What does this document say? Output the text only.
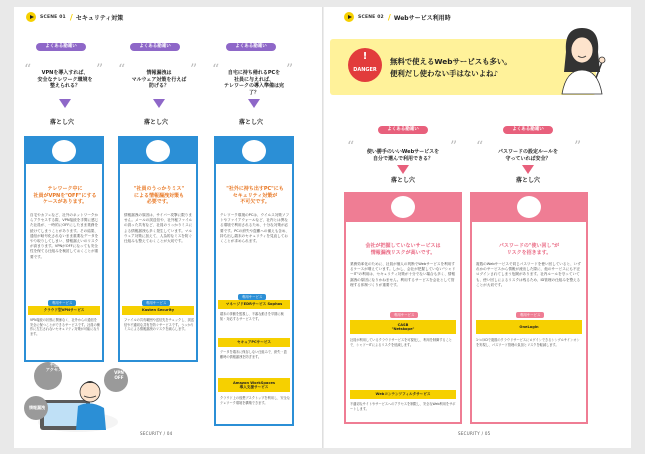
SCENE 01 / セキュリティ対策
よくある勘違い
“	”
VPNを導入すれば、
安全なテレワーク環境を
整えられる？
落とし穴
テレワーク中に
社員がVPNを"OFF"にする
ケースがあります。
自宅やカフェなど、社外のネットワークからアクセスする際、VPN接続を手間に感じた社員が、一時的にOFFにしたまま業務を続けてしまうことがあります。その結果、通信が暗号化されないまま重要なデータをやり取りしてしまい、情報漏えいのリスクが高まります。VPNがOFFになっても安全性を保てる仕組みを検討しておくことが重要です。
利用サービス
クラウド型VPNサービス
VPN接続の状態に関係なく、社外からの通信を安全に保つことができるサービスです。社員の操作に左右されないセキュリティ対策が可能になります。
よくある勘違い
“	”
情報漏洩は
マルウェア対策を行えば
防げる？
落とし穴
"社員のうっかりミス"
による情報漏洩対策も
必要です。
情報漏洩の原因は、サイバー攻撃に限りません。メールの誤送信や、社外秘ファイルの誤った共有など、社員のうっかりミスによる情報漏洩も多く発生しています。マルウェア対策に加えて、人為的なミスを防ぐ仕組みも整えておくことが大切です。
利用サービス
Kasten Security
ファイルの共有範囲や送信先をチェックし、誤送信や不適切な共有を防ぐサービスです。うっかりミスによる情報漏洩のリスクを減らします。
よくある勘違い
“	”
自宅に持ち帰れるPCを
社員に与えれば、
テレワークの導入準備は完了？
落とし穴
"社外に持ち出すPC"にも
セキュリティ対策が
不可欠です。
テレワーク環境のPCは、ウイルス対策ソフトやファイアウォールなど、社内とは異なる環境で利用されるため、十分な対策が必要です。PCの紛失や盗難への備えも含め、持ち出し端末のセキュリティを見直しておくことが求められます。
利用サービス
マネージドEDRサービス Sophos
端末の挙動を監視し、不審な動きを早期に検知・対応するサービスです。
セキュアPCサービス
データを端末に保存しない仕組みで、紛失・盗難時の情報漏洩を防ぎます。
Amazon WorkSpaces
導入支援サービス
クラウド上の仮想デスクトップを利用し、安全なテレワーク環境を構築できます。
不正
アクセス
VPN
OFF
情報漏洩
SECURITY / 04
SCENE 02 / Webサービス利用時
!
DANGER
無料で使えるWebサービスも多い。
便利だし使わない手はないよね♪
よくある勘違い
“	”
使い勝手のいいWebサービスを
自分で選んで利用できる？
落とし穴
会社が把握していないサービスは
情報漏洩リスクが高いです。
業務効率化のために、社員が個人の判断でWebサービスを利用するケースが増えています。しかし、会社が把握していない"シャドーIT"の利用は、セキュリティ対策が十分でない場合も多く、情報漏洩の原因になりかねません。利用するサービスを会社として管理する体制づくりが重要です。
利用サービス
CASB
"Netskope"
社員が利用しているクラウドサービスを可視化し、利用を制御することで、シャドーITによるリスクを低減します。
Webコンテンツフィルタサービス
不適切なサイトやサービスへのアクセスを制限し、安全なWeb利用をサポートします。
よくある勘違い
“	”
パスワードの設定ルールを
守っていれば安全？
落とし穴
パスワードの"使い回し"が
リスクを招きます。
複数のWebサービスで同じパスワードを使い回していると、いずれかのサービスから情報が流出した際に、他のサービスにも不正ログインされてしまう危険があります。社内ルールを守っていても、使い回しによるリスクは残るため、ID管理の仕組みを整えることが大切です。
利用サービス
OneLogin
1つのIDで複数のクラウドサービスにログインできるシングルサインオンを実現し、パスワード管理の負担とリスクを軽減します。
SECURITY / 05
